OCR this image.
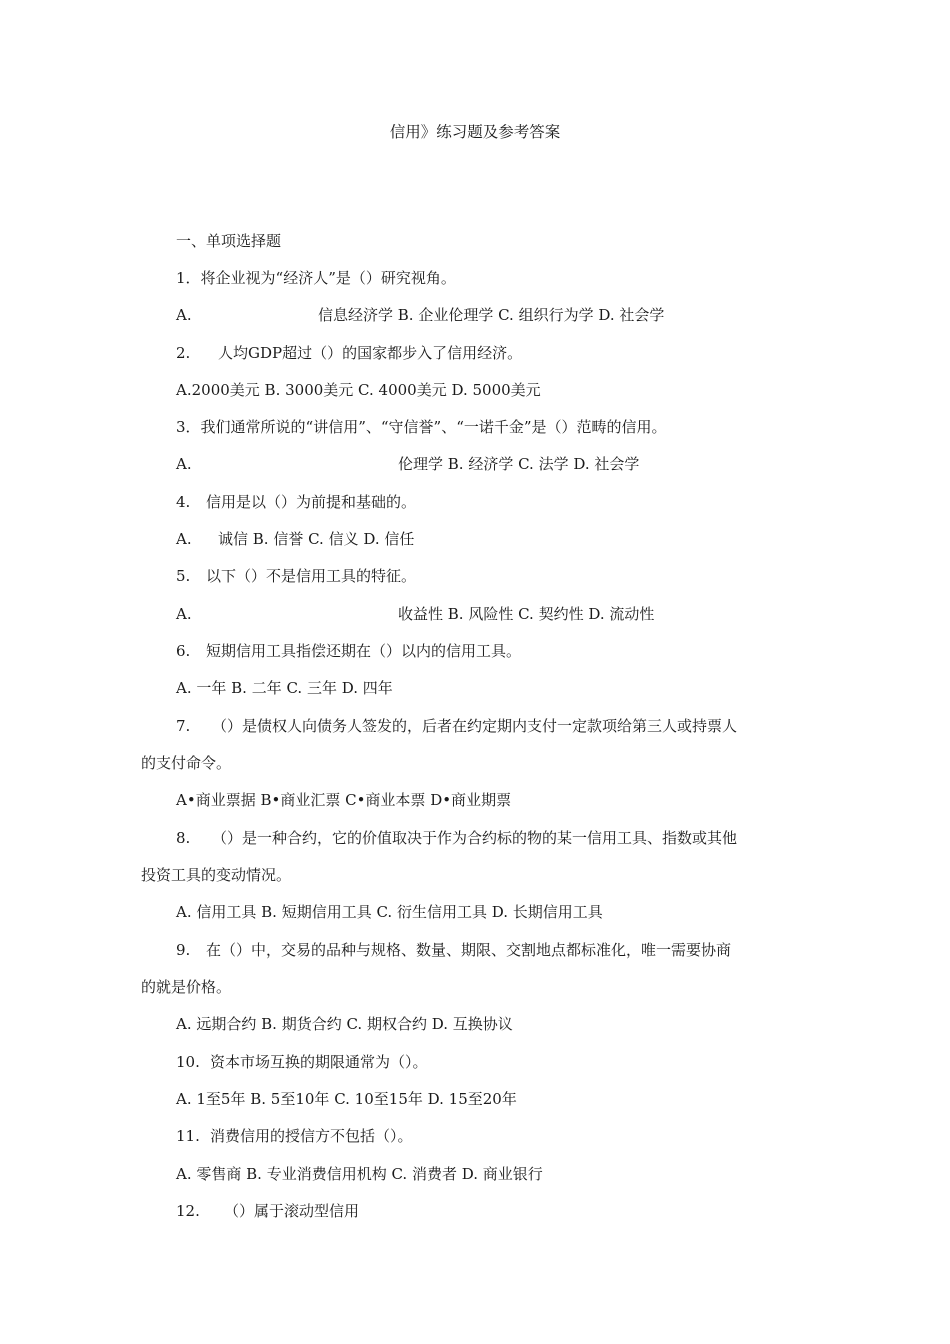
信用》练习题及参考答案
一、单项选择题
1．将企业视为“经济人”是（）研究视角。
A.	信息经济学 B. 企业伦理学 C. 组织行为学 D. 社会学
2. 人均GDP超过（）的国家都步入了信用经济。
A.2000美元 B. 3000美元 C. 4000美元 D. 5000美元
3．我们通常所说的“讲信用”、“守信誉”、“一诺千金”是（）范畴的信用。
A.	伦理学 B. 经济学 C. 法学 D. 社会学
4. 信用是以（）为前提和基础的。
A. 诚信 B. 信誉 C. 信义 D. 信任
5. 以下（）不是信用工具的特征。
A.	收益性 B. 风险性 C. 契约性 D. 流动性
6. 短期信用工具指偿还期在（）以内的信用工具。
A. 一年 B. 二年 C. 三年 D. 四年
7. （）是债权人向债务人签发的，后者在约定期内支付一定款项给第三人或持票人
的支付命令。
A•商业票据 B•商业汇票 C•商业本票 D•商业期票
8. （）是一种合约，它的价值取决于作为合约标的物的某一信用工具、指数或其他
投资工具的变动情况。
A. 信用工具 B. 短期信用工具 C. 衍生信用工具 D. 长期信用工具
9. 在（）中，交易的品种与规格、数量、期限、交割地点都标准化，唯一需要协商
的就是价格。
A. 远期合约 B. 期货合约 C. 期权合约 D. 互换协议
10. 资本市场互换的期限通常为（）。
A. 1至5年 B. 5至10年 C. 10至15年 D. 15至20年
11. 消费信用的授信方不包括（）。
A. 零售商 B. 专业消费信用机构 C. 消费者 D. 商业银行
12. （）属于滚动型信用
